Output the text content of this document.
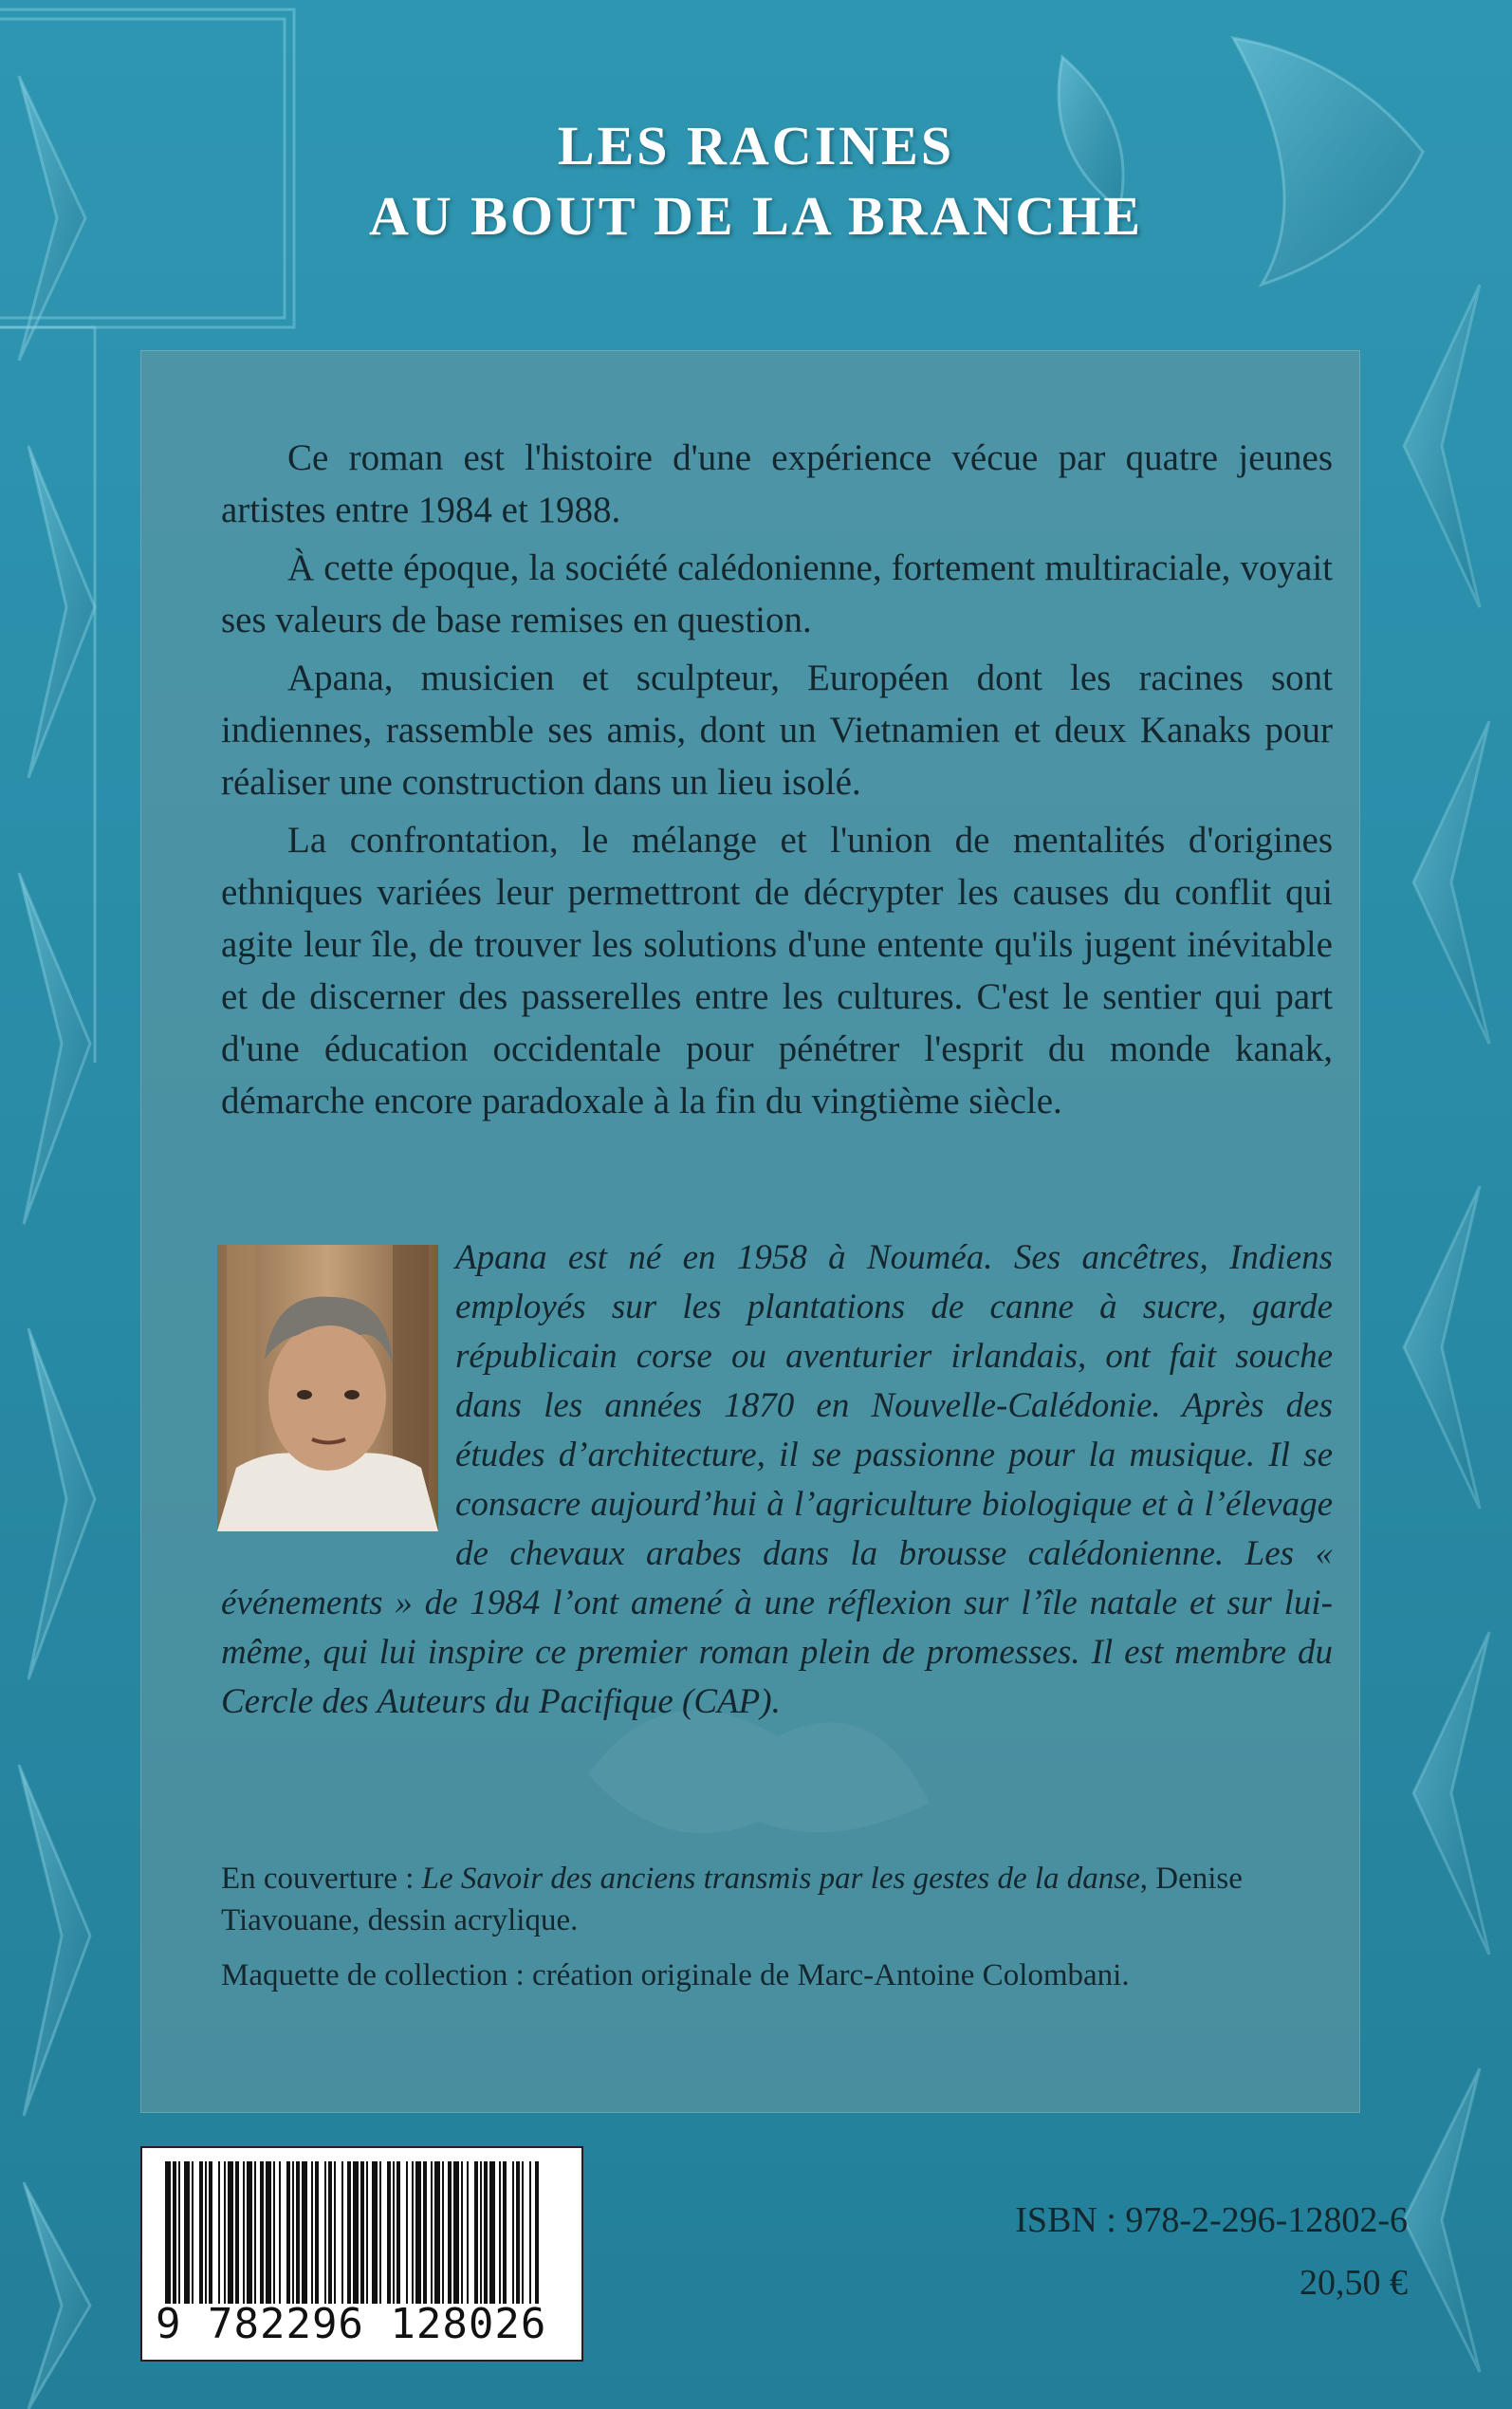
LES RACINES
AU BOUT DE LA BRANCHE

Ce roman est l'histoire d'une expérience vécue par quatre jeunes artistes entre 1984 et 1988.

À cette époque, la société calédonienne, fortement multiraciale, voyait ses valeurs de base remises en question.

Apana, musicien et sculpteur, Européen dont les racines sont indiennes, rassemble ses amis, dont un Vietnamien et deux Kanaks pour réaliser une construction dans un lieu isolé.

La confrontation, le mélange et l'union de mentalités d'origines ethniques variées leur permettront de décrypter les causes du conflit qui agite leur île, de trouver les solutions d'une entente qu'ils jugent inévitable et de discerner des passerelles entre les cultures. C'est le sentier qui part d'une éducation occidentale pour pénétrer l'esprit du monde kanak, démarche encore paradoxale à la fin du vingtième siècle.

Apana est né en 1958 à Nouméa. Ses ancêtres, Indiens employés sur les plantations de canne à sucre, garde républicain corse ou aventurier irlandais, ont fait souche dans les années 1870 en Nouvelle-Calédonie. Après des études d’architecture, il se passionne pour la musique. Il se consacre aujourd’hui à l’agriculture biologique et à l’élevage de chevaux arabes dans la brousse calédonienne. Les « événements » de 1984 l’ont amené à une réflexion sur l’île natale et sur lui-même, qui lui inspire ce premier roman plein de promesses. Il est membre du Cercle des Auteurs du Pacifique (CAP).

En couverture : Le Savoir des anciens transmis par les gestes de la danse, Denise Tiavouane, dessin acrylique.

Maquette de collection : création originale de Marc-Antoine Colombani.

9 782296 128026
ISBN : 978-2-296-12802-6
20,50 €
